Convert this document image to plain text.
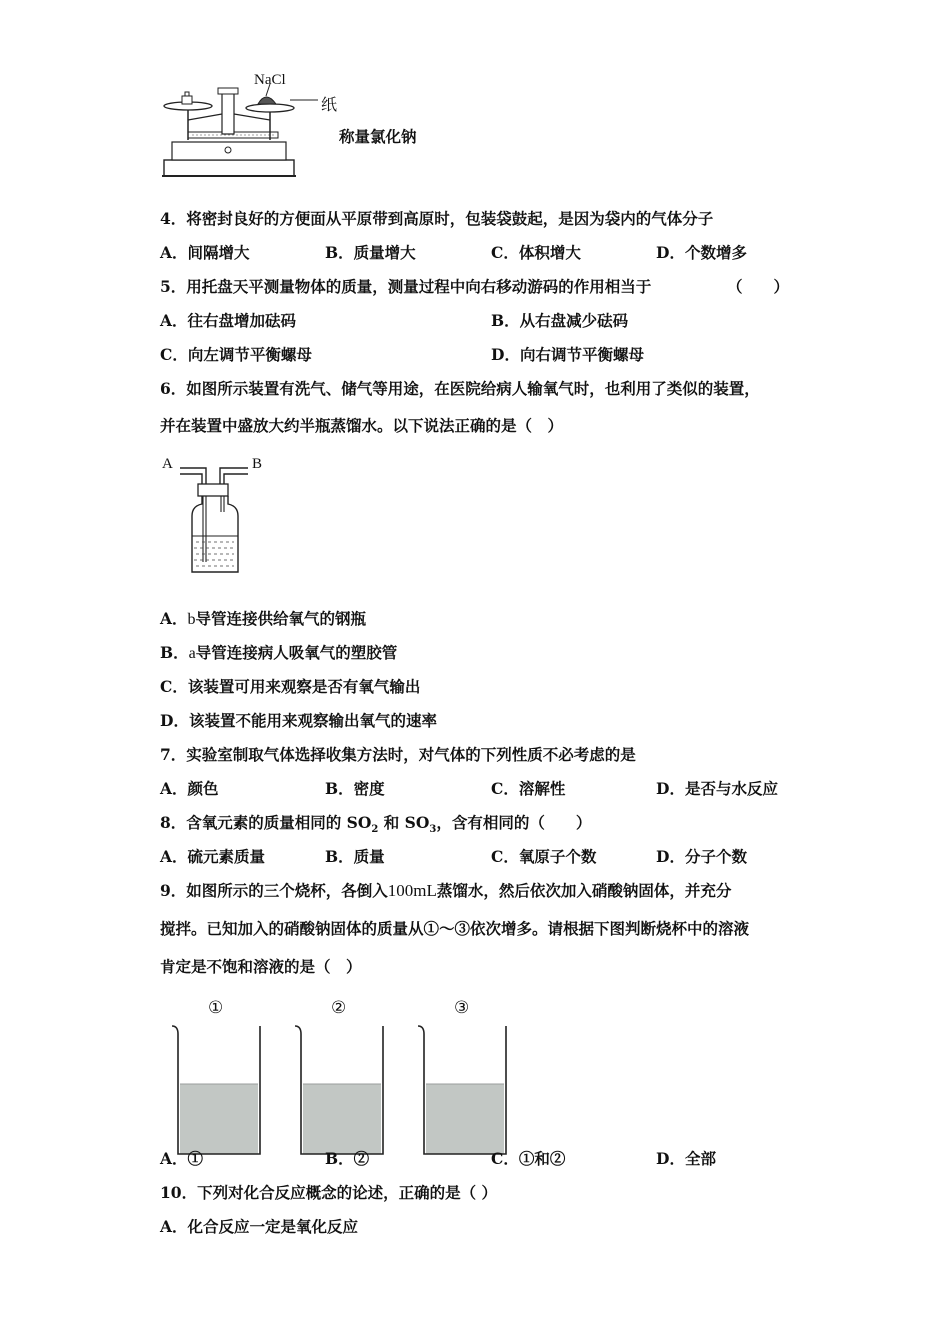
NaCl
纸
称量氯化钠
4．将密封良好的方便面从平原带到高原时，包装袋鼓起，是因为袋内的气体分子
A．间隔增大	B．质量增大	C．体积增大	D．个数增多
5．用托盘天平测量物体的质量，测量过程中向右移动游码的作用相当于	（　　）
A．往右盘增加砝码	B．从右盘减少砝码
C．向左调节平衡螺母	D．向右调节平衡螺母
6．如图所示装置有洗气、储气等用途，在医院给病人输氧气时，也利用了类似的装置，
并在装置中盛放大约半瓶蒸馏水。以下说法正确的是（　）
A	B
A．b导管连接供给氧气的钢瓶
B．a导管连接病人吸氧气的塑胶管
C．该装置可用来观察是否有氧气输出
D．该装置不能用来观察输出氧气的速率
7．实验室制取气体选择收集方法时，对气体的下列性质不必考虑的是
A．颜色	B．密度	C．溶解性	D．是否与水反应
8．含氧元素的质量相同的 $SO_2$ 和 $SO_3$，含有相同的（　　）
A．硫元素质量	B．质量	C．氧原子个数	D．分子个数
9．如图所示的三个烧杯，各倒入100mL蒸馏水，然后依次加入硝酸钠固体，并充分
搅拌。已知加入的硝酸钠固体的质量从①～③依次增多。请根据下图判断烧杯中的溶液
肯定是不饱和溶液的是（　）
①	②	③
A．①	B．②	C．①和②	D．全部
10．下列对化合反应概念的论述，正确的是（ ）
A．化合反应一定是氧化反应
